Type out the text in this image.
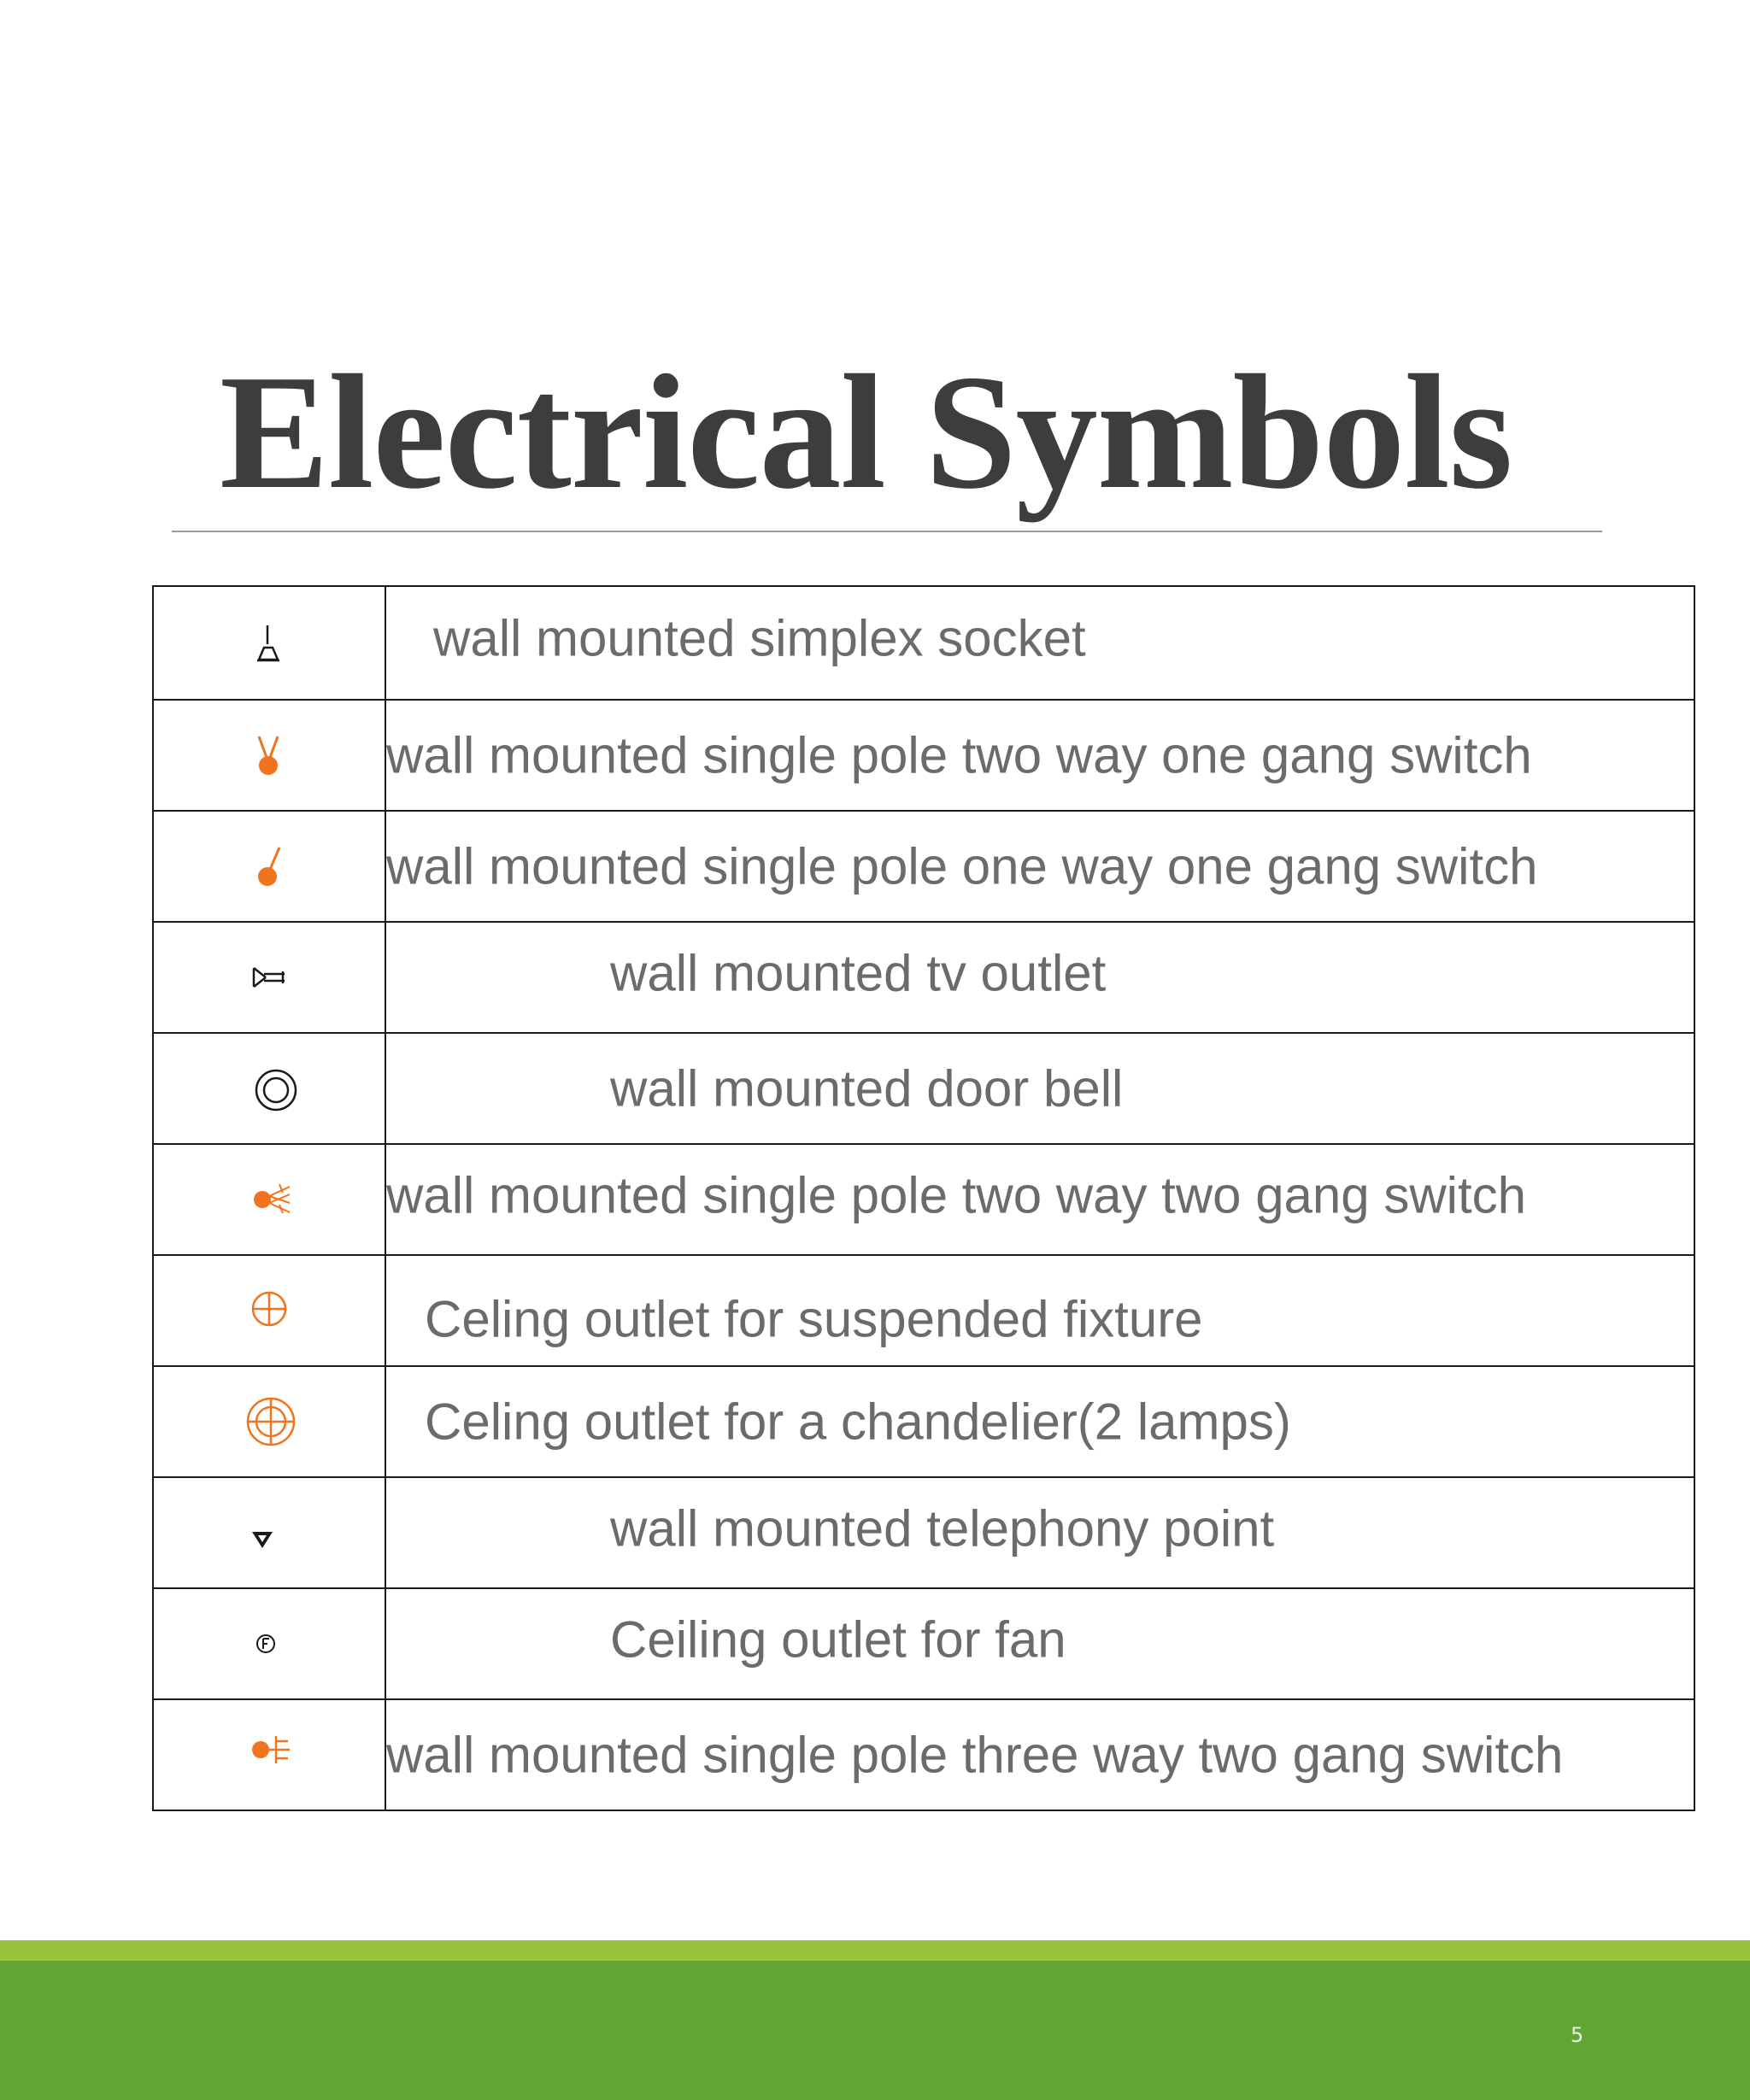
Electrical Symbols

wall mounted simplex socket

wall mounted single pole two way one gang switch

wall mounted single pole one way one gang switch

wall mounted tv outlet

wall mounted door bell

wall mounted single pole two way two gang switch

Celing outlet for suspended fixture

Celing outlet for a chandelier(2 lamps)

wall mounted telephony point

Ceiling outlet for fan

wall mounted single pole three way two gang switch
5
